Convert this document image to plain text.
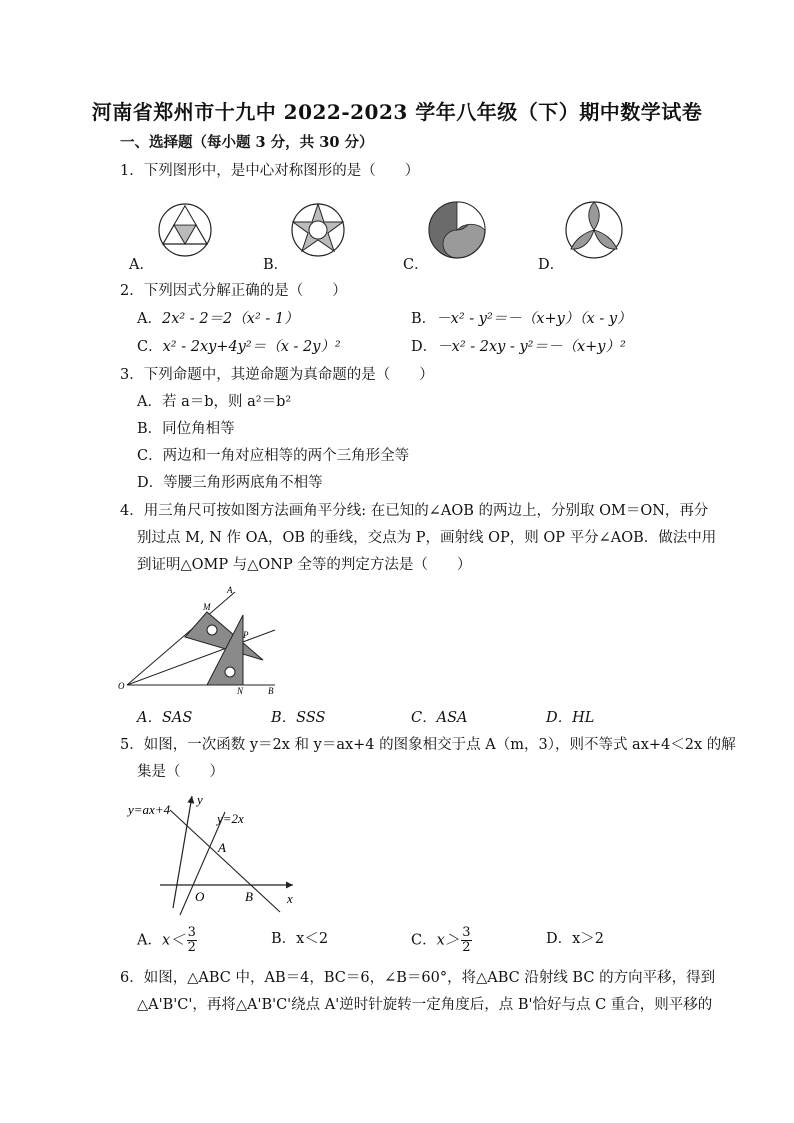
河南省郑州市十九中 2022-2023 学年八年级（下）期中数学试卷
一、选择题（每小题 3 分，共 30 分）
1．下列图形中，是中心对称图形的是（　　）
A．	B．	C．	D．
2．下列因式分解正确的是（　　）
A．2x² - 2＝2（x² - 1）	B．－x² - y²＝－（x+y）（x - y）
C．x² - 2xy+4y²＝（x - 2y）²	D．－x² - 2xy - y²＝－（x+y）²
3．下列命题中，其逆命题为真命题的是（　　）
A．若 a＝b，则 a²＝b²
B．同位角相等
C．两边和一角对应相等的两个三角形全等
D．等腰三角形两底角不相等
4．用三角尺可按如图方法画角平分线: 在已知的∠AOB 的两边上，分别取 OM＝ON，再分
别过点 M, N 作 OA，OB 的垂线，交点为 P，画射线 OP，则 OP 平分∠AOB．做法中用
到证明△OMP 与△ONP 全等的判定方法是（　　）
A
M
P
O	N	B
A．SAS	B．SSS	C．ASA	D．HL
5．如图，一次函数 y＝2x 和 y＝ax+4 的图象相交于点 A（m，3），则不等式 ax+4＜2x 的解
集是（　　）
y=ax+4
y=2x
y
A
O	B	x
A．$x< \frac{3}{2}$	B．x＜2	C．$x> \frac{3}{2}$	D．x＞2
6．如图，△ABC 中，AB＝4，BC＝6，∠B＝60°，将△ABC 沿射线 BC 的方向平移，得到
△A'B'C'，再将△A'B'C'绕点 A'逆时针旋转一定角度后，点 B'恰好与点 C 重合，则平移的
